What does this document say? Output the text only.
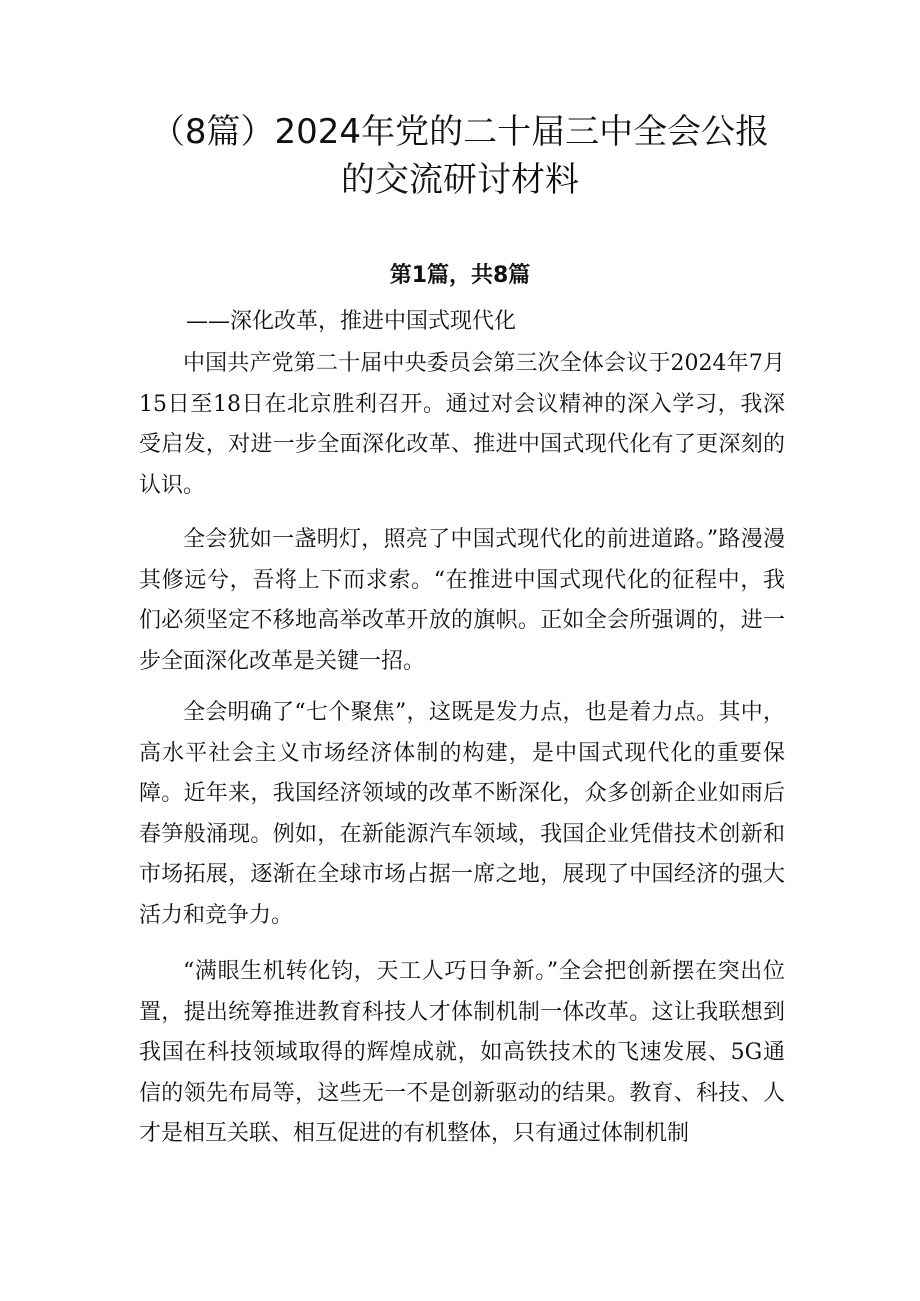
（8篇）2024年党的二十届三中全会公报
的交流研讨材料
第1篇，共8篇
——深化改革，推进中国式现代化

中国共产党第二十届中央委员会第三次全体会议于2024年7月15日至18日在北京胜利召开。通过对会议精神的深入学习，我深受启发，对进一步全面深化改革、推进中国式现代化有了更深刻的认识。

全会犹如一盏明灯，照亮了中国式现代化的前进道路。”路漫漫其修远兮，吾将上下而求索。“在推进中国式现代化的征程中，我们必须坚定不移地高举改革开放的旗帜。正如全会所强调的，进一步全面深化改革是关键一招。

全会明确了“七个聚焦”，这既是发力点，也是着力点。其中，高水平社会主义市场经济体制的构建，是中国式现代化的重要保障。近年来，我国经济领域的改革不断深化，众多创新企业如雨后春笋般涌现。例如，在新能源汽车领域，我国企业凭借技术创新和市场拓展，逐渐在全球市场占据一席之地，展现了中国经济的强大活力和竞争力。

“满眼生机转化钧，天工人巧日争新。”全会把创新摆在突出位置，提出统筹推进教育科技人才体制机制一体改革。这让我联想到我国在科技领域取得的辉煌成就，如高铁技术的飞速发展、5G通信的领先布局等，这些无一不是创新驱动的结果。教育、科技、人才是相互关联、相互促进的有机整体，只有通过体制机制
